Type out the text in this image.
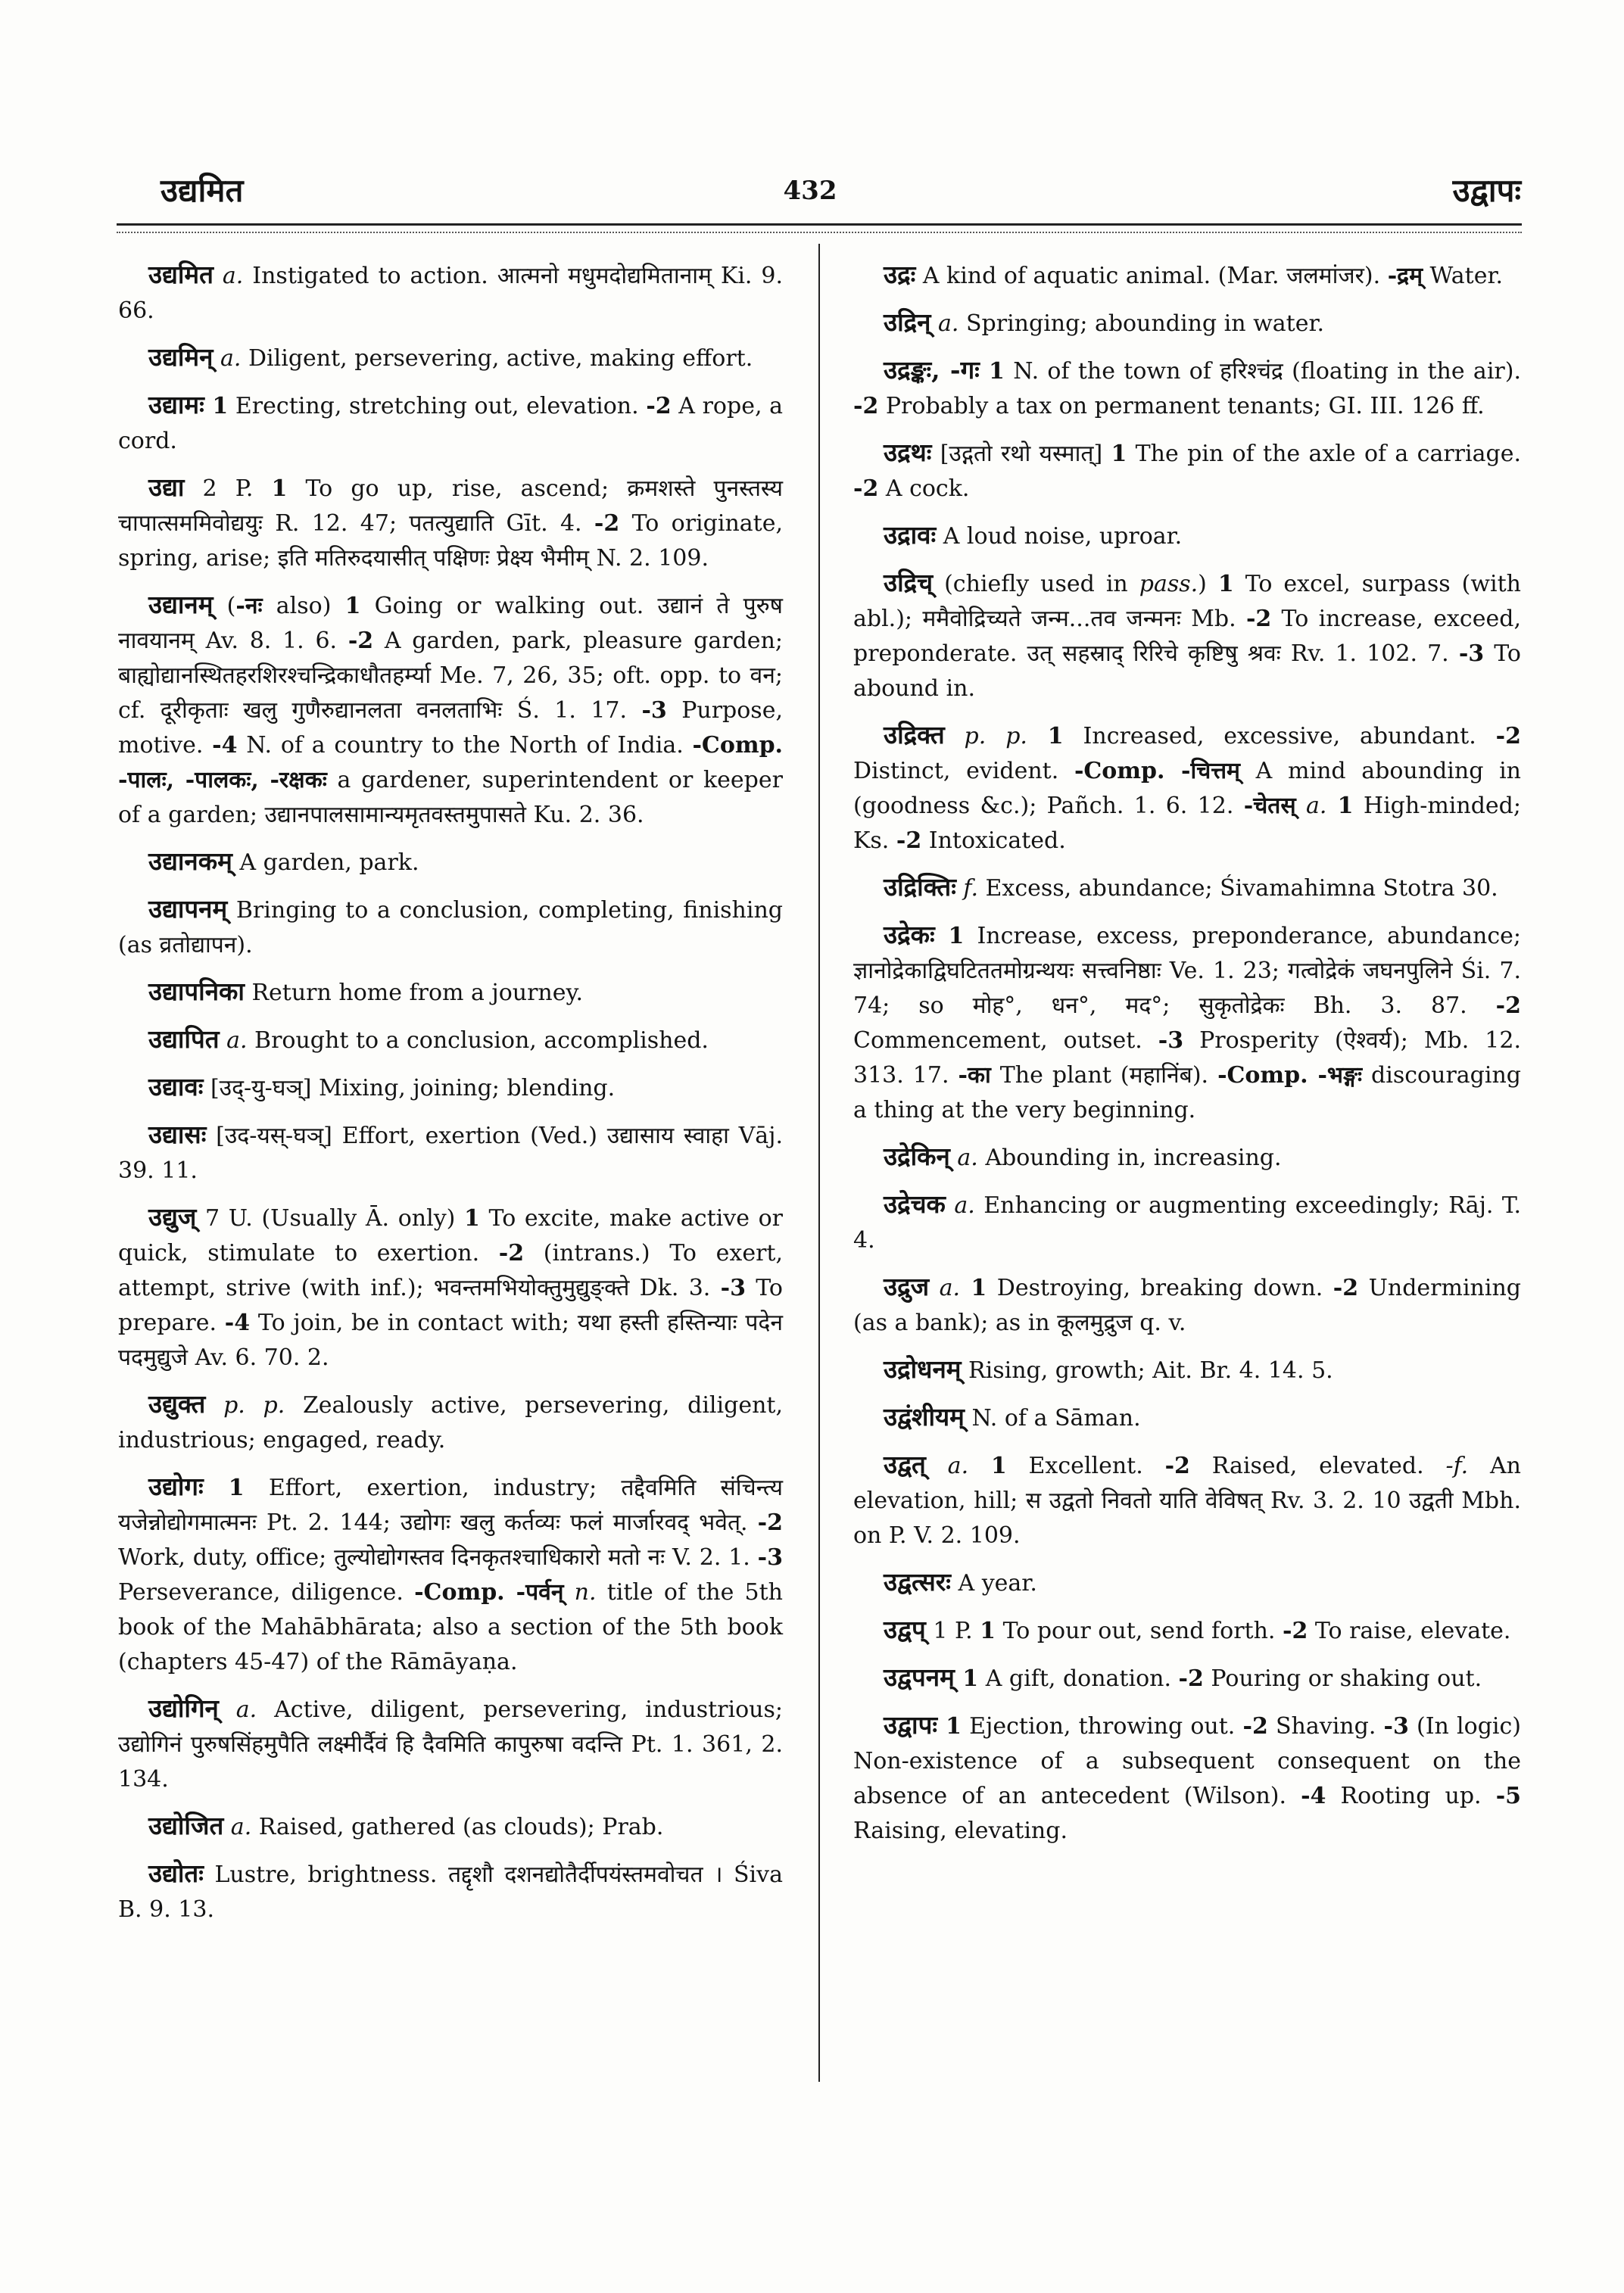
उद्यमित	432	उद्वापः

उद्यमित a. Instigated to action. आत्मनो मधुमदोद्यमितानाम् Ki. 9. 66.

उद्यमिन् a. Diligent, persevering, active, making effort.

उद्यामः 1 Erecting, stretching out, elevation. -2 A rope, a cord.

उद्या 2 P. 1 To go up, rise, ascend; क्रमशस्ते पुनस्तस्य चापात्सममिवोद्ययुः R. 12. 47; पतत्युद्याति Gīt. 4. -2 To originate, spring, arise; इति मतिरुदयासीत् पक्षिणः प्रेक्ष्य भैमीम् N. 2. 109.

उद्यानम् (-नः also) 1 Going or walking out. उद्यानं ते पुरुष नावयानम् Av. 8. 1. 6. -2 A garden, park, pleasure garden; बाह्योद्यानस्थितहरशिरश्चन्द्रिकाधौतहर्म्या Me. 7, 26, 35; oft. opp. to वन; cf. दूरीकृताः खलु गुणैरुद्यानलता वनलताभिः Ś. 1. 17. -3 Purpose, motive. -4 N. of a country to the North of India. -Comp. -पालः, -पालकः, -रक्षकः a gardener, superintendent or keeper of a garden; उद्यानपालसामान्यमृतवस्तमुपासते Ku. 2. 36.

उद्यानकम् A garden, park.

उद्यापनम् Bringing to a conclusion, completing, finishing (as व्रतोद्यापन).

उद्यापनिका Return home from a journey.

उद्यापित a. Brought to a conclusion, accomplished.

उद्यावः [उद्-यु-घञ्] Mixing, joining; blending.

उद्यासः [उद-यस्-घञ्] Effort, exertion (Ved.) उद्यासाय स्वाहा Vāj. 39. 11.

उद्युज् 7 U. (Usually Ā. only) 1 To excite, make active or quick, stimulate to exertion. -2 (intrans.) To exert, attempt, strive (with inf.); भवन्तमभियोक्तुमुद्युङ्क्ते Dk. 3. -3 To prepare. -4 To join, be in contact with; यथा हस्ती हस्तिन्याः पदेन पदमुद्युजे Av. 6. 70. 2.

उद्युक्त p. p. Zealously active, persevering, diligent, industrious; engaged, ready.

उद्योगः 1 Effort, exertion, industry; तद्दैवमिति संचिन्त्य यजेन्नोद्योगमात्मनः Pt. 2. 144; उद्योगः खलु कर्तव्यः फलं मार्जारवद् भवेत्. -2 Work, duty, office; तुल्योद्योगस्तव दिनकृतश्चाधिकारो मतो नः V. 2. 1. -3 Perseverance, diligence. -Comp. -पर्वन् n. title of the 5th book of the Mahābhārata; also a section of the 5th book (chapters 45-47) of the Rāmāyaṇa.

उद्योगिन् a. Active, diligent, persevering, industrious; उद्योगिनं पुरुषसिंहमुपैति लक्ष्मीर्दैवं हि दैवमिति कापुरुषा वदन्ति Pt. 1. 361, 2. 134.

उद्योजित a. Raised, gathered (as clouds); Prab.

उद्योतः Lustre, brightness. तद्दृशौ दशनद्योतैर्दीपयंस्तमवोचत । Śiva B. 9. 13.

उद्रः A kind of aquatic animal. (Mar. जलमांजर). -द्रम् Water.

उद्रिन् a. Springing; abounding in water.

उद्रङ्कः, -गः 1 N. of the town of हरिश्चंद्र (floating in the air). -2 Probably a tax on permanent tenants; GI. III. 126 ff.

उद्रथः [उद्गतो रथो यस्मात्] 1 The pin of the axle of a carriage. -2 A cock.

उद्रावः A loud noise, uproar.

उद्रिच् (chiefly used in pass.) 1 To excel, surpass (with abl.); ममैवोद्रिच्यते जन्म...तव जन्मनः Mb. -2 To increase, exceed, preponderate. उत् सहस्राद् रिरिचे कृष्टिषु श्रवः Rv. 1. 102. 7. -3 To abound in.

उद्रिक्त p. p. 1 Increased, excessive, abundant. -2 Distinct, evident. -Comp. -चित्तम् A mind abounding in (goodness &c.); Pañch. 1. 6. 12. -चेतस् a. 1 High-minded; Ks. -2 Intoxicated.

उद्रिक्तिः f. Excess, abundance; Śivamahimna Stotra 30.

उद्रेकः 1 Increase, excess, preponderance, abundance; ज्ञानोद्रेकाद्विघटिततमोग्रन्थयः सत्त्वनिष्ठाः Ve. 1. 23; गत्वोद्रेकं जघनपुलिने Śi. 7. 74; so मोह°, धन°, मद°; सुकृतोद्रेकः Bh. 3. 87. -2 Commencement, outset. -3 Prosperity (ऐश्वर्य); Mb. 12. 313. 17. -का The plant (महानिंब). -Comp. -भङ्गः discouraging a thing at the very beginning.

उद्रेकिन् a. Abounding in, increasing.

उद्रेचक a. Enhancing or augmenting exceedingly; Rāj. T. 4.

उद्रुज a. 1 Destroying, breaking down. -2 Undermining (as a bank); as in कूलमुद्रुज q. v.

उद्रोधनम् Rising, growth; Ait. Br. 4. 14. 5.

उद्वंशीयम् N. of a Sāman.

उद्वत् a. 1 Excellent. -2 Raised, elevated. -f. An elevation, hill; स उद्वतो निवतो याति वेविषत् Rv. 3. 2. 10 उद्वती Mbh. on P. V. 2. 109.

उद्वत्सरः A year.

उद्वप् 1 P. 1 To pour out, send forth. -2 To raise, elevate.

उद्वपनम् 1 A gift, donation. -2 Pouring or shaking out.

उद्वापः 1 Ejection, throwing out. -2 Shaving. -3 (In logic) Non-existence of a subsequent consequent on the absence of an antecedent (Wilson). -4 Rooting up. -5 Raising, elevating.
